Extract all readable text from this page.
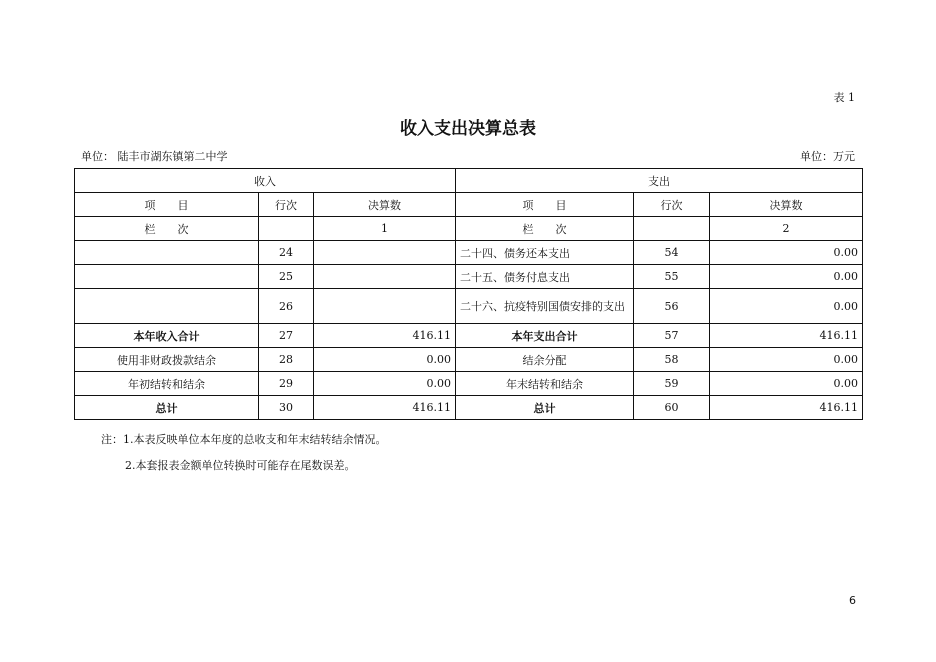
表 1
收入支出决算总表
单位： 陆丰市湖东镇第二中学	单位：万元
收入			支出		
项　　目	行次	决算数	项　　目	行次	决算数
栏　　次		1	栏　　次		2
	24		二十四、债务还本支出	54	0.00
	25		二十五、债务付息支出	55	0.00
	26		二十六、抗疫特别国债安排的支出	56	0.00
本年收入合计	27	416.11	本年支出合计	57	416.11
使用非财政拨款结余	28	0.00	结余分配	58	0.00
年初结转和结余	29	0.00	年末结转和结余	59	0.00
总计	30	416.11	总计	60	416.11
注：1.本表反映单位本年度的总收支和年末结转结余情况。
2.本套报表金额单位转换时可能存在尾数误差。
6
